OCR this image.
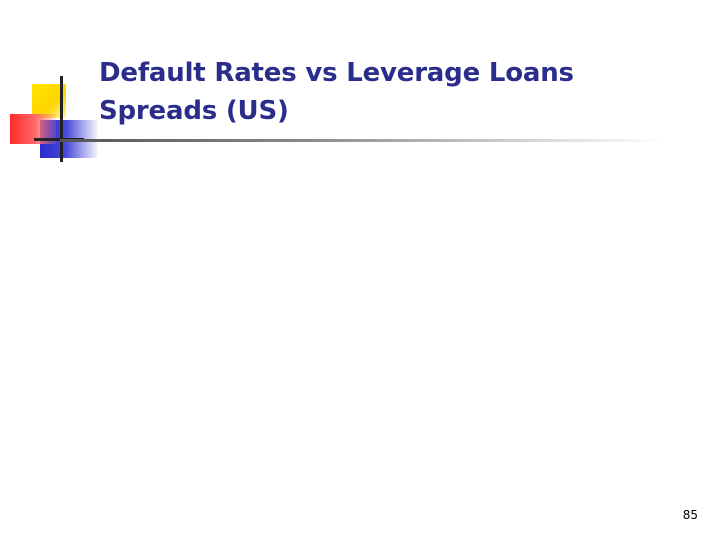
Default Rates vs Leverage Loans
Spreads (US)
85
